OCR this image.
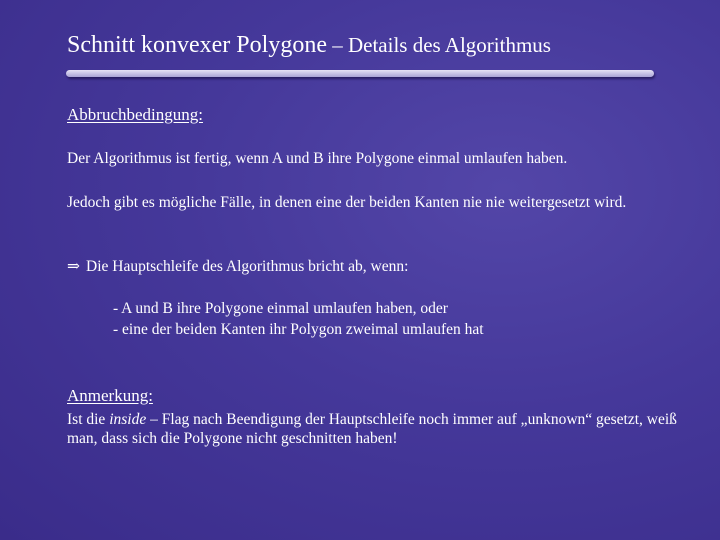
Schnitt konvexer Polygone – Details des Algorithmus
Abbruchbedingung:
Der Algorithmus ist fertig, wenn A und B ihre Polygone einmal umlaufen haben.
Jedoch gibt es mögliche Fälle, in denen eine der beiden Kanten nie nie weitergesetzt wird.
⇒ Die Hauptschleife des Algorithmus bricht ab, wenn:
- A und B ihre Polygone einmal umlaufen haben, oder
- eine der beiden Kanten ihr Polygon zweimal umlaufen hat
Anmerkung:
Ist die inside – Flag nach Beendigung der Hauptschleife noch immer auf „unknown“ gesetzt, weiß man, dass sich die Polygone nicht geschnitten haben!
